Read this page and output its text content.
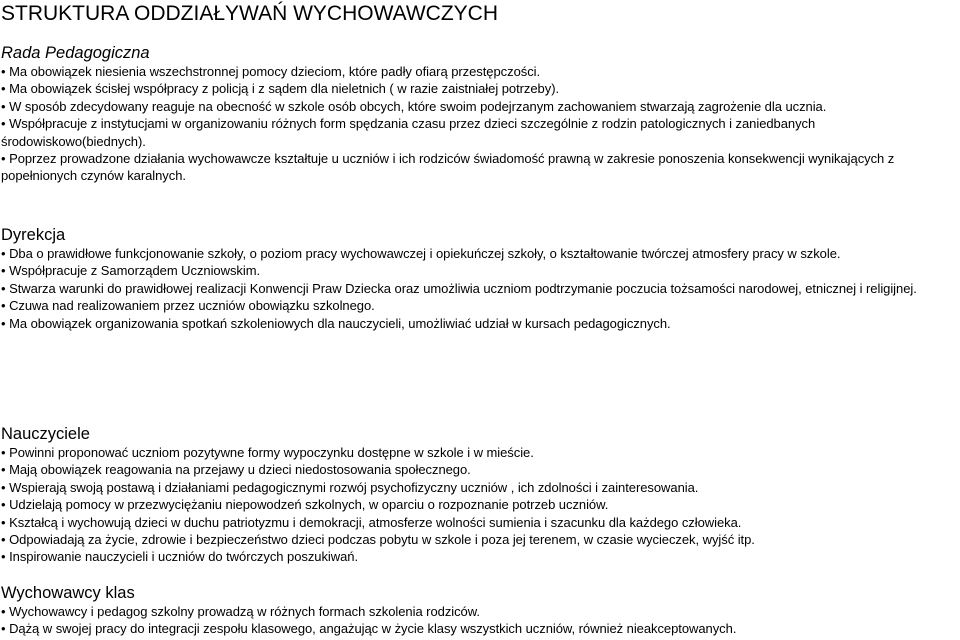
STRUKTURA ODDZIAŁYWAŃ WYCHOWAWCZYCH
Rada Pedagogiczna
• Ma obowiązek niesienia wszechstronnej pomocy dzieciom, które padły ofiarą przestępczości.
• Ma obowiązek ścisłej współpracy z policją i z sądem dla nieletnich ( w razie zaistniałej potrzeby).
• W sposób zdecydowany reaguje na obecność w szkole osób obcych, które swoim podejrzanym zachowaniem stwarzają zagrożenie dla uczniа.
• Współpracuje z instytucjami w organizowaniu różnych form spędzania czasu przez dzieci szczególnie z rodzin patologicznych i zaniedbanych środowiskowo(biednych).
• Poprzez prowadzone działania wychowawcze kształtuje u uczniów i ich rodziców świadomość prawną w zakresie ponoszenia konsekwencji wynikających z popełnionych czynów karalnych.
Dyrekcja
• Dba o prawidłowe funkcjonowanie szkoły, o poziom pracy wychowawczej i opiekuńczej szkoły, o kształtowanie twórczej atmosfery pracy w szkole.
• Współpracuje z Samorządem Uczniowskim.
• Stwarza warunki do prawidłowej realizacji Konwencji Praw Dziecka oraz umożliwia uczniom podtrzymanie poczucia tożsamości narodowej, etnicznej i religijnej.
• Czuwa nad realizowaniem przez uczniów obowiązku szkolnego.
• Ma obowiązek organizowania spotkań szkoleniowych dla nauczycieli, umożliwiać udział w kursach pedagogicznych.
Nauczyciele
• Powinni proponować uczniom pozytywne formy wypoczynku dostępne w szkole i w mieście.
• Mają obowiązek reagowania na przejawy u dzieci niedostosowania społecznego.
• Wspierają swoją postawą i działaniami pedagogicznymi rozwój psychofizyczny uczniów , ich zdolności i zainteresowania.
• Udzielają pomocy w przezwyciężaniu niepowodzeń szkolnych, w oparciu o rozpoznanie potrzeb uczniów.
• Kształcą i wychowują dzieci w duchu patriotyzmu i demokracji, atmosferze wolności sumienia i szacunku dla każdego człowieka.
• Odpowiadają za życie, zdrowie i bezpieczeństwo dzieci podczas pobytu w szkole i poza jej terenem, w czasie wycieczek, wyjść itp.
• Inspirowanie nauczycieli i uczniów do twórczych poszukiwań.
Wychowawcy klas
• Wychowawcy i pedagog szkolny prowadzą w różnych formach szkolenia rodziców.
• Dążą w swojej pracy do integracji zespołu klasowego, angażując w życie klasy wszystkich uczniów, również nieakceptowanych.
